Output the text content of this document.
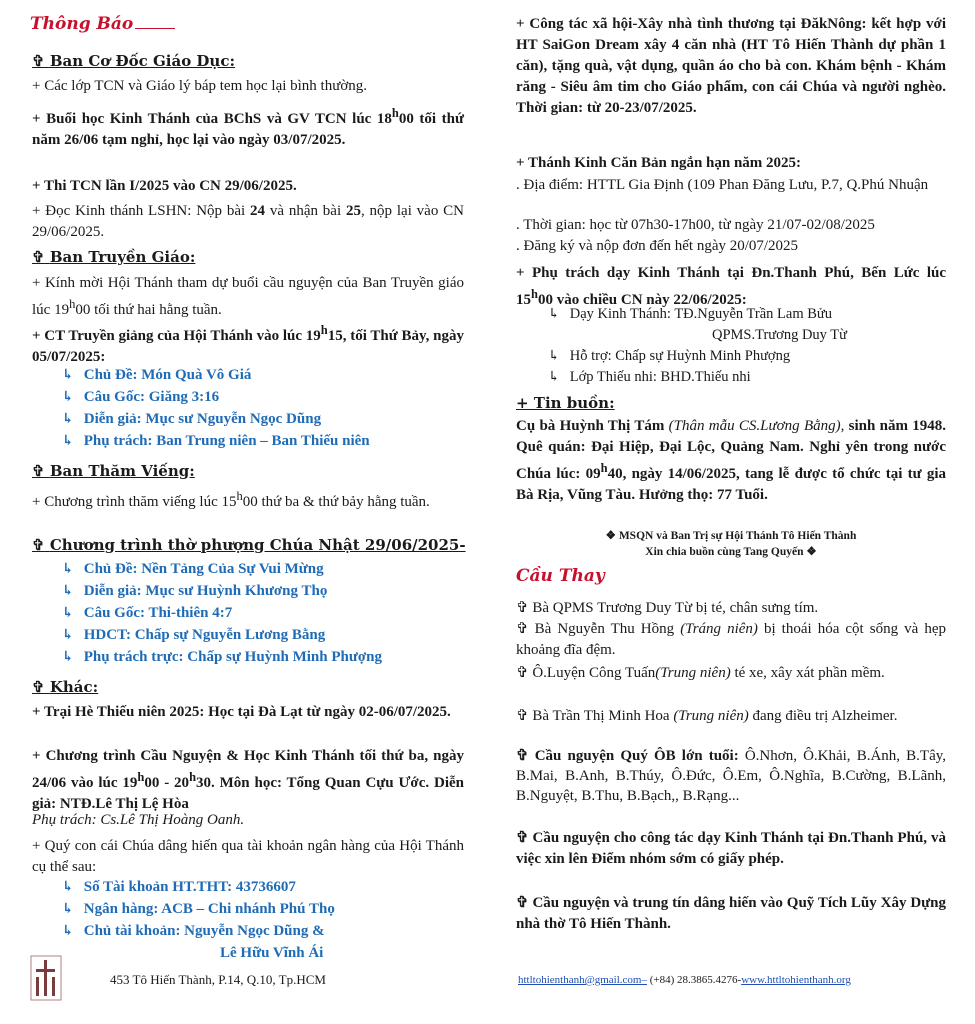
Thông Báo
✞ Ban Cơ Đốc Giáo Dục:
+ Các lớp TCN và Giáo lý báp tem học lại bình thường.
+ Buổi học Kinh Thánh của BChS và GV TCN lúc 18$^h$00 tối thứ năm 26/06 tạm nghỉ, học lại vào ngày 03/07/2025.
+ Thi TCN lần I/2025 vào CN 29/06/2025.
+ Đọc Kinh thánh LSHN: Nộp bài 24 và nhận bài 25, nộp lại vào CN 29/06/2025.
✞ Ban Truyền Giáo:
+ Kính mời Hội Thánh tham dự buổi cầu nguyện của Ban Truyền giáo lúc 19$^h$00 tối thứ hai hằng tuần.
+ CT Truyền giảng của Hội Thánh vào lúc 19$^h$15, tối Thứ Bảy, ngày 05/07/2025:
↳ Chủ Đề: Món Quà Vô Giá
↳ Câu Gốc: Giăng 3:16
↳ Diễn giả: Mục sư Nguyễn Ngọc Dũng
↳ Phụ trách: Ban Trung niên – Ban Thiếu niên
✞ Ban Thăm Viếng:
+ Chương trình thăm viếng lúc 15$^h$00 thứ ba & thứ bảy hằng tuần.
✞ Chương trình thờ phượng Chúa Nhật 29/06/2025-
↳ Chủ Đề: Nền Tảng Của Sự Vui Mừng
↳ Diễn giả: Mục sư Huỳnh Khương Thọ
↳ Câu Gốc: Thi-thiên 4:7
↳ HDCT: Chấp sự Nguyễn Lương Bằng
↳ Phụ trách trực: Chấp sự Huỳnh Minh Phượng
✞ Khác:
+ Trại Hè Thiếu niên 2025: Học tại Đà Lạt từ ngày 02-06/07/2025.
+ Chương trình Cầu Nguyện & Học Kinh Thánh tối thứ ba, ngày 24/06 vào lúc 19$^h$00 - 20$^h$30. Môn học: Tổng Quan Cựu Ước. Diễn giả: NTĐ.Lê Thị Lệ Hòa
Phụ trách: Cs.Lê Thị Hoàng Oanh.
+ Quý con cái Chúa dâng hiến qua tài khoản ngân hàng của Hội Thánh cụ thể sau:
↳ Số Tài khoản HT.THT: 43736607
↳ Ngân hàng: ACB – Chi nhánh Phú Thọ
↳ Chủ tài khoản: Nguyễn Ngọc Dũng &
Lê Hữu Vĩnh Ái
453 Tô Hiến Thành, P.14, Q.10, Tp.HCM
+ Công tác xã hội-Xây nhà tình thương tại ĐăkNông: kết hợp với HT SaiGon Dream xây 4 căn nhà (HT Tô Hiến Thành dự phần 1 căn), tặng quà, vật dụng, quần áo cho bà con. Khám bệnh - Khám răng - Siêu âm tim cho Giáo phẩm, con cái Chúa và người nghèo. Thời gian: từ 20-23/07/2025.
+ Thánh Kinh Căn Bản ngắn hạn năm 2025:
. Địa điểm: HTTL Gia Định (109 Phan Đăng Lưu, P.7, Q.Phú Nhuận
. Thời gian: học từ 07h30-17h00, từ ngày 21/07-02/08/2025
. Đăng ký và nộp đơn đến hết ngày 20/07/2025
+ Phụ trách dạy Kinh Thánh tại Đn.Thanh Phú, Bến Lức lúc 15$^h$00 vào chiều CN này 22/06/2025:
↳ Dạy Kinh Thánh: TĐ.Nguyễn Trần Lam Bửu
QPMS.Trương Duy Từ
↳ Hỗ trợ: Chấp sự Huỳnh Minh Phượng
↳ Lớp Thiếu nhi: BHD.Thiếu nhi
+ Tin buồn:
Cụ bà Huỳnh Thị Tám (Thân mẫu CS.Lương Bằng), sinh năm 1948. Quê quán: Đại Hiệp, Đại Lộc, Quảng Nam. Nghỉ yên trong nước Chúa lúc: 09$^h$40, ngày 14/06/2025, tang lễ được tổ chức tại tư gia Bà Rịa, Vũng Tàu. Hưởng thọ: 77 Tuổi.
❖ MSQN và Ban Trị sự Hội Thánh Tô Hiến Thành
Xin chia buồn cùng Tang Quyến ❖
Cầu Thay
✞ Bà QPMS Trương Duy Từ bị té, chân sưng tím.
✞ Bà Nguyễn Thu Hồng (Tráng niên) bị thoái hóa cột sống và hẹp khoảng đĩa đệm.
✞ Ô.Luyện Công Tuấn(Trung niên) té xe, xây xát phần mềm.
✞ Bà Trần Thị Minh Hoa (Trung niên) đang điều trị Alzheimer.
✞ Cầu nguyện Quý ÔB lớn tuổi: Ô.Nhơn, Ô.Khải, B.Ánh, B.Tây, B.Mai, B.Anh, B.Thúy, Ô.Đức, Ô.Em, Ô.Nghĩa, B.Cường, B.Lãnh, B.Nguyệt, B.Thu, B.Bạch,, B.Rạng...
✞ Cầu nguyện cho công tác dạy Kinh Thánh tại Đn.Thanh Phú, và việc xin lên Điểm nhóm sớm có giấy phép.
✞ Cầu nguyện và trung tín dâng hiến vào Quỹ Tích Lũy Xây Dựng nhà thờ Tô Hiến Thành.
httltohienthanh@gmail.com– (+84) 28.3865.4276-www.httltohienthanh.org
